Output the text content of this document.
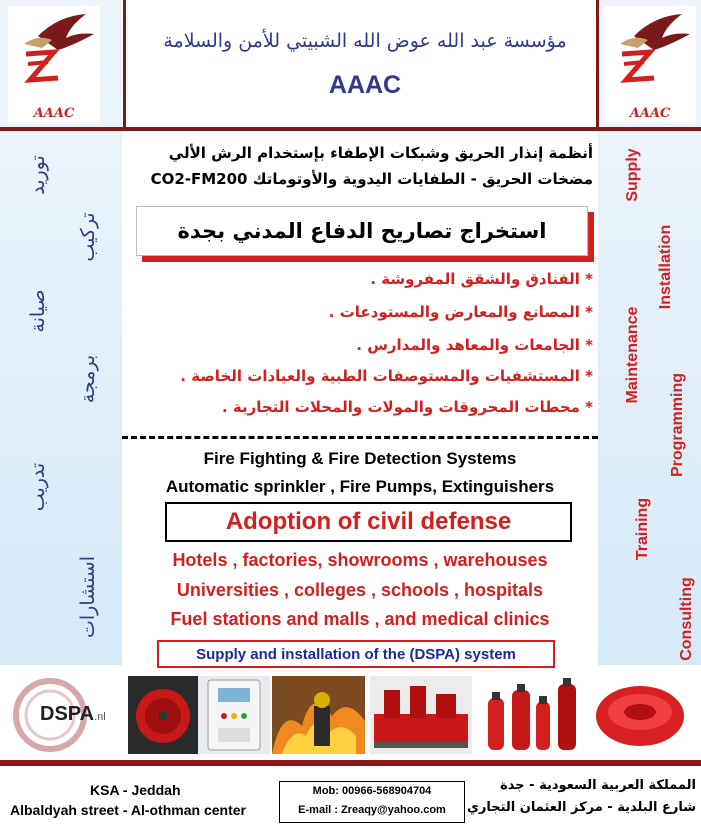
AAAC	AAAC
توريد
تركيب
صيانة
برمجة
تدريب
استشارات
Supply
Installation
Maintenance
Programming
Training
Consulting
مؤسسة عبد الله عوض الله الشبيتي للأمن والسلامة
AAAC
أنظمة إنذار الحريق وشبكات الإطفاء بإستخدام الرش الألي
مضخات الحريق - الطفايات اليدوية والأوتوماتك CO2-FM200
استخراج تصاريح الدفاع المدني بجدة
* الفنادق والشقق المفروشة .
* المصانع والمعارض والمستودعات .
* الجامعات والمعاهد والمدارس .
* المستشفيات والمستوصفات الطبية والعيادات الخاصة .
* محطات المحروقات والمولات والمحلات التجارية .
Fire Fighting & Fire Detection Systems
Automatic sprinkler , Fire Pumps, Extinguishers
Adoption of civil defense
Hotels , factories, showrooms , warehouses
Universities , colleges , schools , hospitals
Fuel stations and malls , and medical clinics
Supply and installation of the (DSPA) system
DSPA.nl
KSA - Jeddah
Albaldyah street - Al-othman center
Mob: 00966-568904704
E-mail : Zreaqy@yahoo.com
المملكة العربية السعودية - جدة
شارع البلدية - مركز العثمان التجاري
